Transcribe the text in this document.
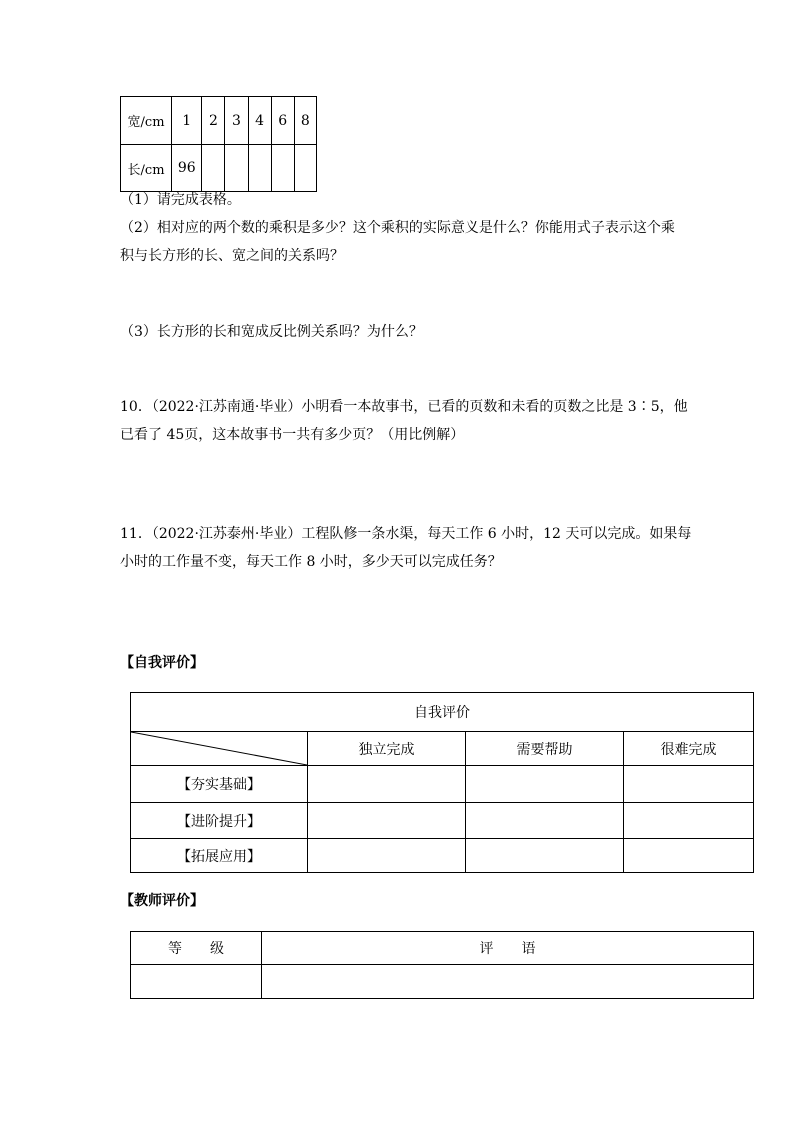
宽/cm	1	2	3	4	6	8
长/cm	96					
（1）请完成表格。
（2）相对应的两个数的乘积是多少？这个乘积的实际意义是什么？你能用式子表示这个乘
积与长方形的长、宽之间的关系吗？
（3）长方形的长和宽成反比例关系吗？为什么？
10．（2022·江苏南通·毕业）小明看一本故事书，已看的页数和未看的页数之比是 3∶5，他
已看了 45页，这本故事书一共有多少页？（用比例解）
11．（2022·江苏泰州·毕业）工程队修一条水渠，每天工作 6 小时，12 天可以完成。如果每
小时的工作量不变，每天工作 8 小时，多少天可以完成任务？
【自我评价】
自我评价			

	独立完成	需要帮助	很难完成
【夯实基础】			
【进阶提升】			
【拓展应用】			
【教师评价】
等　　级	评　　语
